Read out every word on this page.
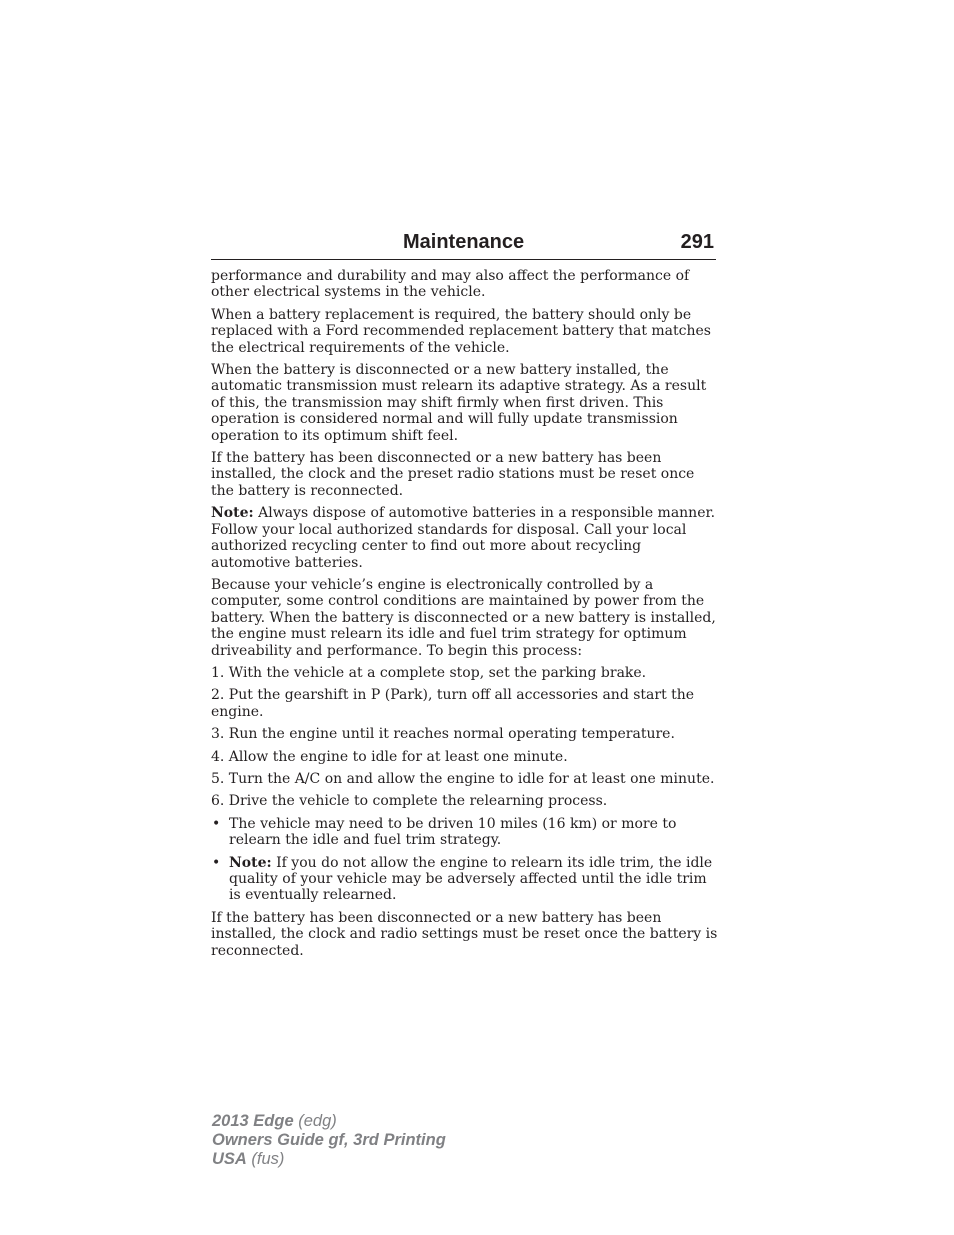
Maintenance	291

performance and durability and may also affect the performance of other electrical systems in the vehicle.

When a battery replacement is required, the battery should only be replaced with a Ford recommended replacement battery that matches the electrical requirements of the vehicle.

When the battery is disconnected or a new battery installed, the automatic transmission must relearn its adaptive strategy. As a result of this, the transmission may shift firmly when first driven. This operation is considered normal and will fully update transmission operation to its optimum shift feel.

If the battery has been disconnected or a new battery has been installed, the clock and the preset radio stations must be reset once the battery is reconnected.

Note: Always dispose of automotive batteries in a responsible manner. Follow your local authorized standards for disposal. Call your local authorized recycling center to find out more about recycling automotive batteries.

Because your vehicle’s engine is electronically controlled by a computer, some control conditions are maintained by power from the battery. When the battery is disconnected or a new battery is installed, the engine must relearn its idle and fuel trim strategy for optimum driveability and performance. To begin this process:

1. With the vehicle at a complete stop, set the parking brake.

2. Put the gearshift in P (Park), turn off all accessories and start the engine.

3. Run the engine until it reaches normal operating temperature.

4. Allow the engine to idle for at least one minute.

5. Turn the A/C on and allow the engine to idle for at least one minute.

6. Drive the vehicle to complete the relearning process.

• The vehicle may need to be driven 10 miles (16 km) or more to relearn the idle and fuel trim strategy.
• Note: If you do not allow the engine to relearn its idle trim, the idle quality of your vehicle may be adversely affected until the idle trim is eventually relearned.

If the battery has been disconnected or a new battery has been installed, the clock and radio settings must be reset once the battery is reconnected.

2013 Edge (edg)
Owners Guide gf, 3rd Printing
USA (fus)
